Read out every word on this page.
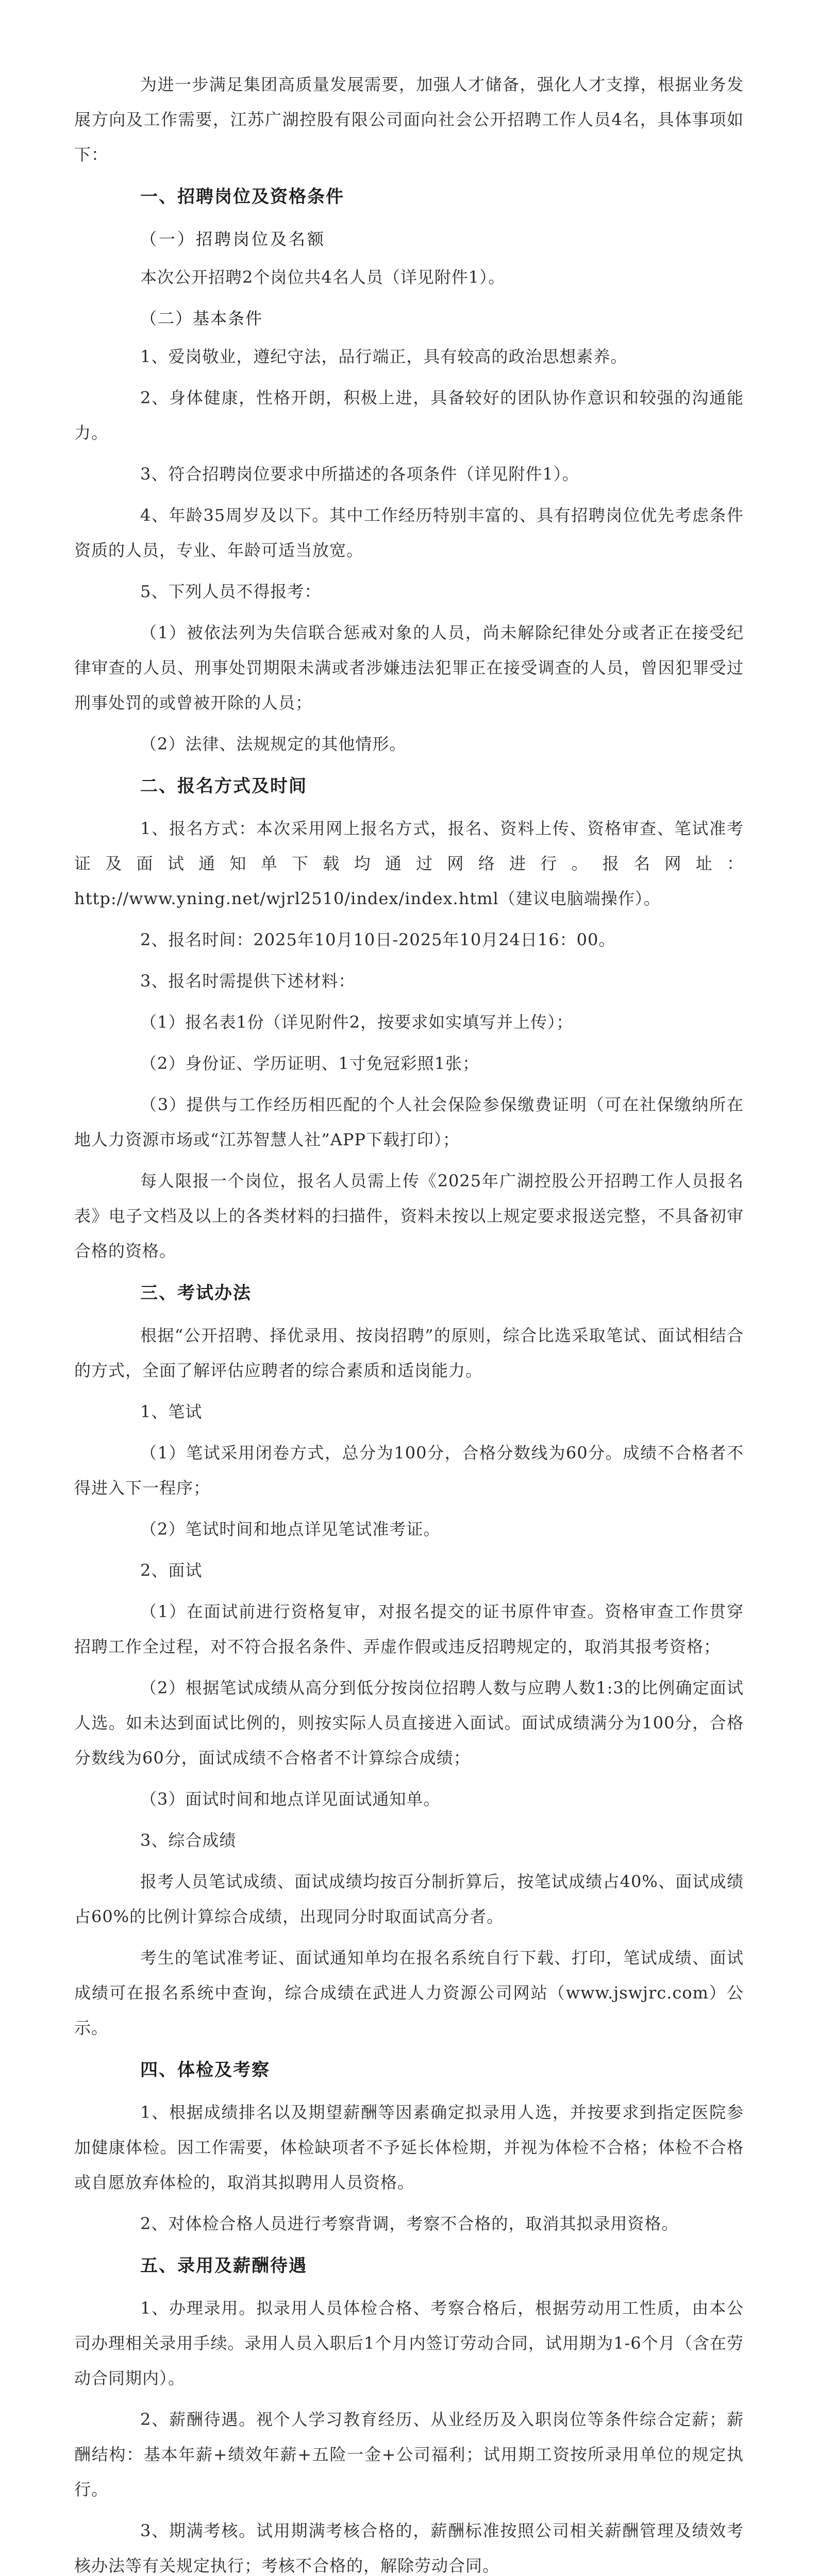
为进一步满足集团高质量发展需要，加强人才储备，强化人才支撑，根据业务发展方向及工作需要，江苏广湖控股有限公司面向社会公开招聘工作人员4名，具体事项如下：

一、招聘岗位及资格条件
（一）招聘岗位及名额

本次公开招聘2个岗位共4名人员（详见附件1）。

（二）基本条件

1、爱岗敬业，遵纪守法，品行端正，具有较高的政治思想素养。

2、身体健康，性格开朗，积极上进，具备较好的团队协作意识和较强的沟通能力。

3、符合招聘岗位要求中所描述的各项条件（详见附件1）。

4、年龄35周岁及以下。其中工作经历特别丰富的、具有招聘岗位优先考虑条件资质的人员，专业、年龄可适当放宽。

5、下列人员不得报考：

（1）被依法列为失信联合惩戒对象的人员，尚未解除纪律处分或者正在接受纪律审查的人员、刑事处罚期限未满或者涉嫌违法犯罪正在接受调查的人员，曾因犯罪受过刑事处罚的或曾被开除的人员；

（2）法律、法规规定的其他情形。

二、报名方式及时间

1、报名方式：本次采用网上报名方式，报名、资料上传、资格审查、笔试准考证及面试通知单下载均通过网络进行。报名网址：http://www.yning.net/wjrl2510/index/index.html（建议电脑端操作）。

2、报名时间：2025年10月10日-2025年10月24日16：00。

3、报名时需提供下述材料：

（1）报名表1份（详见附件2，按要求如实填写并上传）；

（2）身份证、学历证明、1寸免冠彩照1张；

（3）提供与工作经历相匹配的个人社会保险参保缴费证明（可在社保缴纳所在地人力资源市场或“江苏智慧人社”APP下载打印）；

每人限报一个岗位，报名人员需上传《2025年广湖控股公开招聘工作人员报名表》电子文档及以上的各类材料的扫描件，资料未按以上规定要求报送完整，不具备初审合格的资格。

三、考试办法

根据“公开招聘、择优录用、按岗招聘”的原则，综合比选采取笔试、面试相结合的方式，全面了解评估应聘者的综合素质和适岗能力。

1、笔试

（1）笔试采用闭卷方式，总分为100分，合格分数线为60分。成绩不合格者不得进入下一程序；

（2）笔试时间和地点详见笔试准考证。

2、面试

（1）在面试前进行资格复审，对报名提交的证书原件审查。资格审查工作贯穿招聘工作全过程，对不符合报名条件、弄虚作假或违反招聘规定的，取消其报考资格；

（2）根据笔试成绩从高分到低分按岗位招聘人数与应聘人数1:3的比例确定面试人选。如未达到面试比例的，则按实际人员直接进入面试。面试成绩满分为100分，合格分数线为60分，面试成绩不合格者不计算综合成绩；

（3）面试时间和地点详见面试通知单。

3、综合成绩

报考人员笔试成绩、面试成绩均按百分制折算后，按笔试成绩占40%、面试成绩占60%的比例计算综合成绩，出现同分时取面试高分者。

考生的笔试准考证、面试通知单均在报名系统自行下载、打印，笔试成绩、面试成绩可在报名系统中查询，综合成绩在武进人力资源公司网站（www.jswjrc.com）公示。

四、体检及考察

1、根据成绩排名以及期望薪酬等因素确定拟录用人选，并按要求到指定医院参加健康体检。因工作需要，体检缺项者不予延长体检期，并视为体检不合格；体检不合格或自愿放弃体检的，取消其拟聘用人员资格。

2、对体检合格人员进行考察背调，考察不合格的，取消其拟录用资格。

五、录用及薪酬待遇

1、办理录用。拟录用人员体检合格、考察合格后，根据劳动用工性质，由本公司办理相关录用手续。录用人员入职后1个月内签订劳动合同，试用期为1-6个月（含在劳动合同期内）。

2、薪酬待遇。视个人学习教育经历、从业经历及入职岗位等条件综合定薪；薪酬结构：基本年薪+绩效年薪+五险一金+公司福利；试用期工资按所录用单位的规定执行。

3、期满考核。试用期满考核合格的，薪酬标准按照公司相关薪酬管理及绩效考核办法等有关规定执行；考核不合格的，解除劳动合同。
